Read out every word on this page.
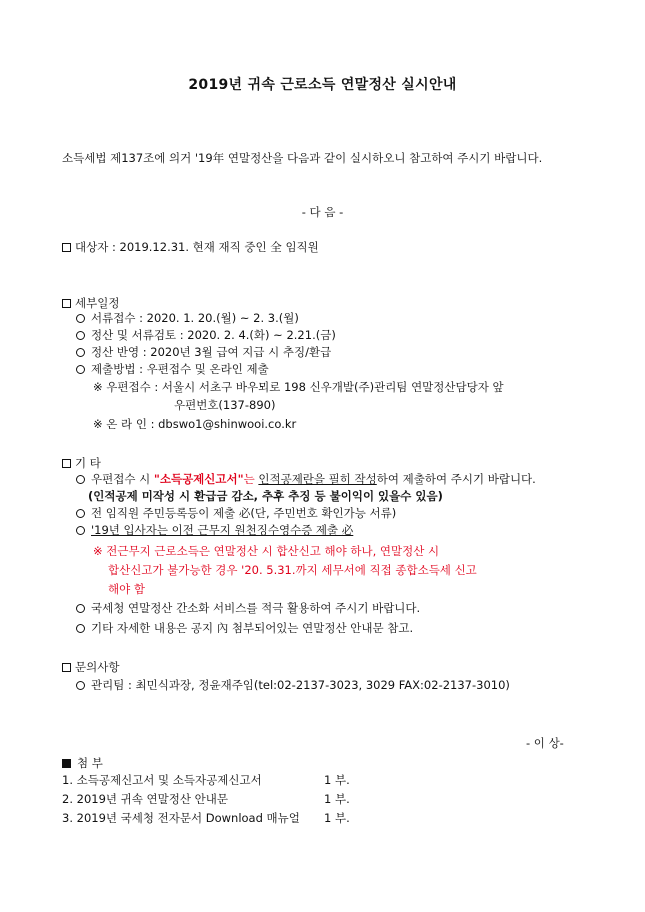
2019년 귀속 근로소득 연말정산 실시안내
소득세법 제137조에 의거 '19年 연말정산을 다음과 같이 실시하오니 참고하여 주시기 바랍니다.
- 다 음 -
대상자 : 2019.12.31. 현재 재직 중인 全 임직원
세부일정
서류접수 : 2020. 1. 20.(월) ~ 2. 3.(월)
정산 및 서류검토 : 2020. 2. 4.(화) ~ 2.21.(금)
정산 반영 : 2020년 3월 급여 지급 시 추징/환급
제출방법 : 우편접수 및 온라인 제출
※ 우편접수 : 서울시 서초구 바우뫼로 198 신우개발(주)관리팀 연말정산담당자 앞
우편번호(137-890)
※ 온 라 인 : dbswo1@shinwooi.co.kr
기 타
우편접수 시 "소득공제신고서"는 인적공제란을 필히 작성하여 제출하여 주시기 바랍니다.
(인적공제 미작성 시 환급금 감소, 추후 추징 등 불이익이 있을수 있음)
전 임직원 주민등록등이 제출 必(단, 주민번호 확인가능 서류)
'19년 입사자는 이전 근무지 원천징수영수증 제출 必
※ 전근무지 근로소득은 연말정산 시 합산신고 해야 하나, 연말정산 시
합산신고가 불가능한 경우 '20. 5.31.까지 세무서에 직접 종합소득세 신고
해야 함
국세청 연말정산 간소화 서비스를 적극 활용하여 주시기 바랍니다.
기타 자세한 내용은 공지 內 첨부되어있는 연말정산 안내문 참고.
문의사항
관리팀 : 최민식과장, 정윤재주임(tel:02-2137-3023, 3029 FAX:02-2137-3010)
- 이 상-
첨 부
1. 소득공제신고서 및 소득자공제신고서	1 부.
2. 2019년 귀속 연말정산 안내문	1 부.
3. 2019년 국세청 전자문서 Download 매뉴얼 1 부.
